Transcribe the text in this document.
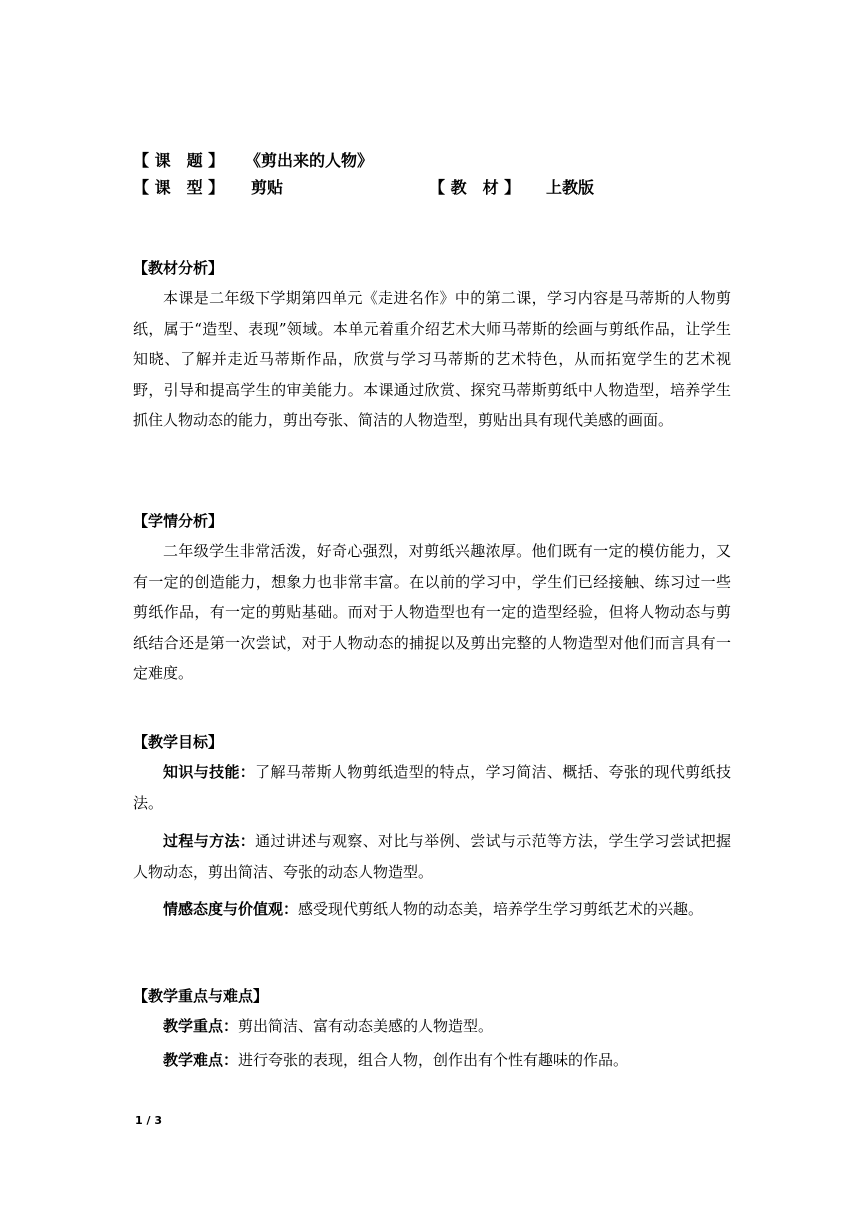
【 课　题 】 《剪出来的人物》
【 课　型 】 剪贴	【 教　材 】 上教版
【教材分析】

本课是二年级下学期第四单元《走进名作》中的第二课，学习内容是马蒂斯的人物剪纸，属于“造型、表现”领域。本单元着重介绍艺术大师马蒂斯的绘画与剪纸作品，让学生知晓、了解并走近马蒂斯作品，欣赏与学习马蒂斯的艺术特色，从而拓宽学生的艺术视野，引导和提高学生的审美能力。本课通过欣赏、探究马蒂斯剪纸中人物造型，培养学生抓住人物动态的能力，剪出夸张、简洁的人物造型，剪贴出具有现代美感的画面。

【学情分析】

二年级学生非常活泼，好奇心强烈，对剪纸兴趣浓厚。他们既有一定的模仿能力，又有一定的创造能力，想象力也非常丰富。在以前的学习中，学生们已经接触、练习过一些剪纸作品，有一定的剪贴基础。而对于人物造型也有一定的造型经验，但将人物动态与剪纸结合还是第一次尝试，对于人物动态的捕捉以及剪出完整的人物造型对他们而言具有一定难度。

【教学目标】

知识与技能：了解马蒂斯人物剪纸造型的特点，学习简洁、概括、夸张的现代剪纸技法。

过程与方法：通过讲述与观察、对比与举例、尝试与示范等方法，学生学习尝试把握人物动态，剪出简洁、夸张的动态人物造型。

情感态度与价值观：感受现代剪纸人物的动态美，培养学生学习剪纸艺术的兴趣。

【教学重点与难点】

教学重点：剪出简洁、富有动态美感的人物造型。

教学难点：进行夸张的表现，组合人物，创作出有个性有趣味的作品。

1 / 3
